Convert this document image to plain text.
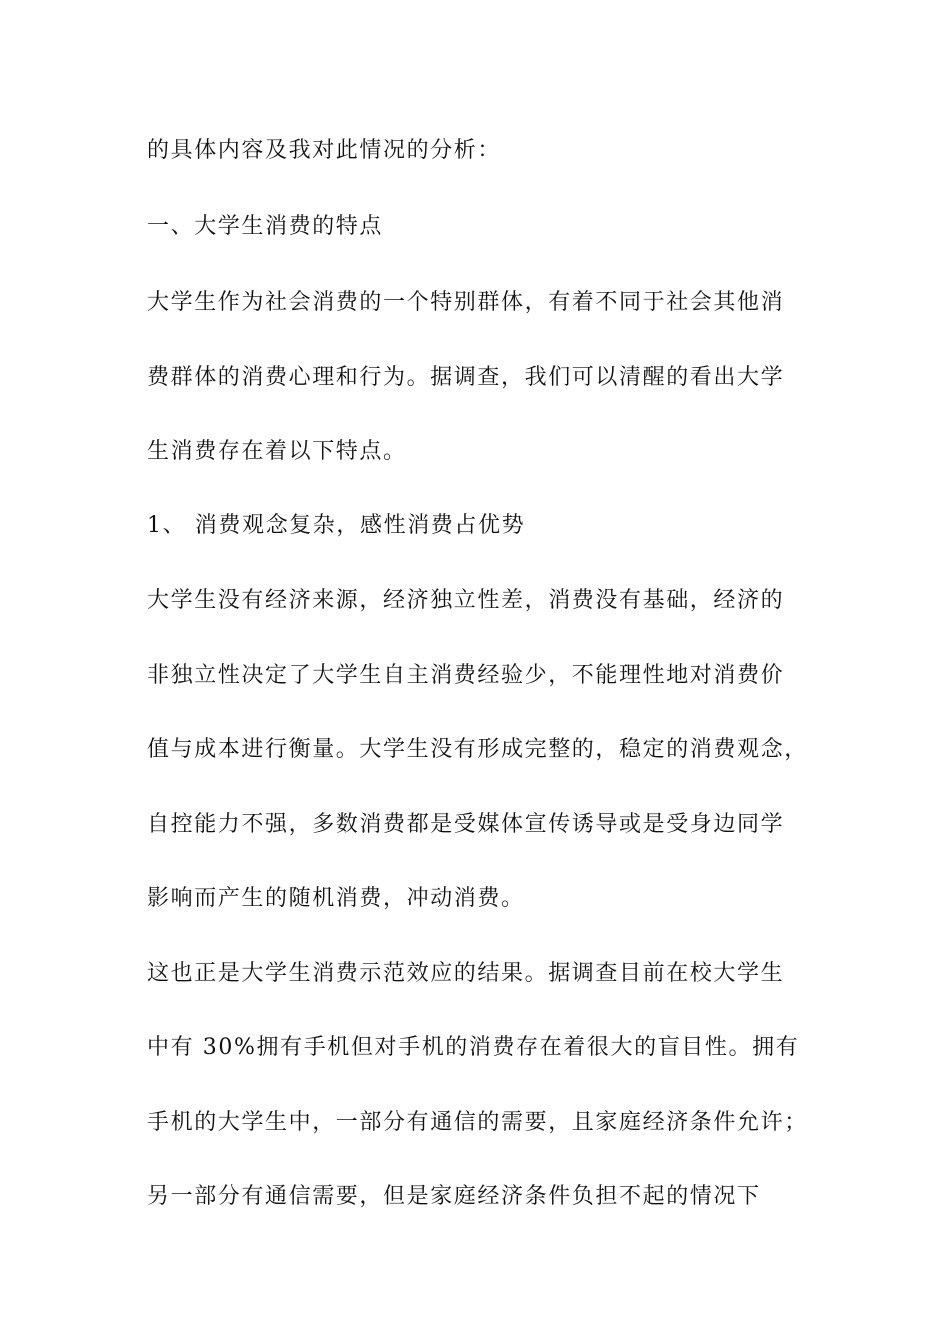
的具体内容及我对此情况的分析：
一、大学生消费的特点
大学生作为社会消费的一个特别群体，有着不同于社会其他消
费群体的消费心理和行为。据调查，我们可以清醒的看出大学
生消费存在着以下特点。
1、 消费观念复杂，感性消费占优势
大学生没有经济来源，经济独立性差，消费没有基础，经济的
非独立性决定了大学生自主消费经验少，不能理性地对消费价
值与成本进行衡量。大学生没有形成完整的，稳定的消费观念，
自控能力不强，多数消费都是受媒体宣传诱导或是受身边同学
影响而产生的随机消费，冲动消费。
这也正是大学生消费示范效应的结果。据调查目前在校大学生
中有 30%拥有手机但对手机的消费存在着很大的盲目性。拥有
手机的大学生中，一部分有通信的需要，且家庭经济条件允许；
另一部分有通信需要，但是家庭经济条件负担不起的情况下
